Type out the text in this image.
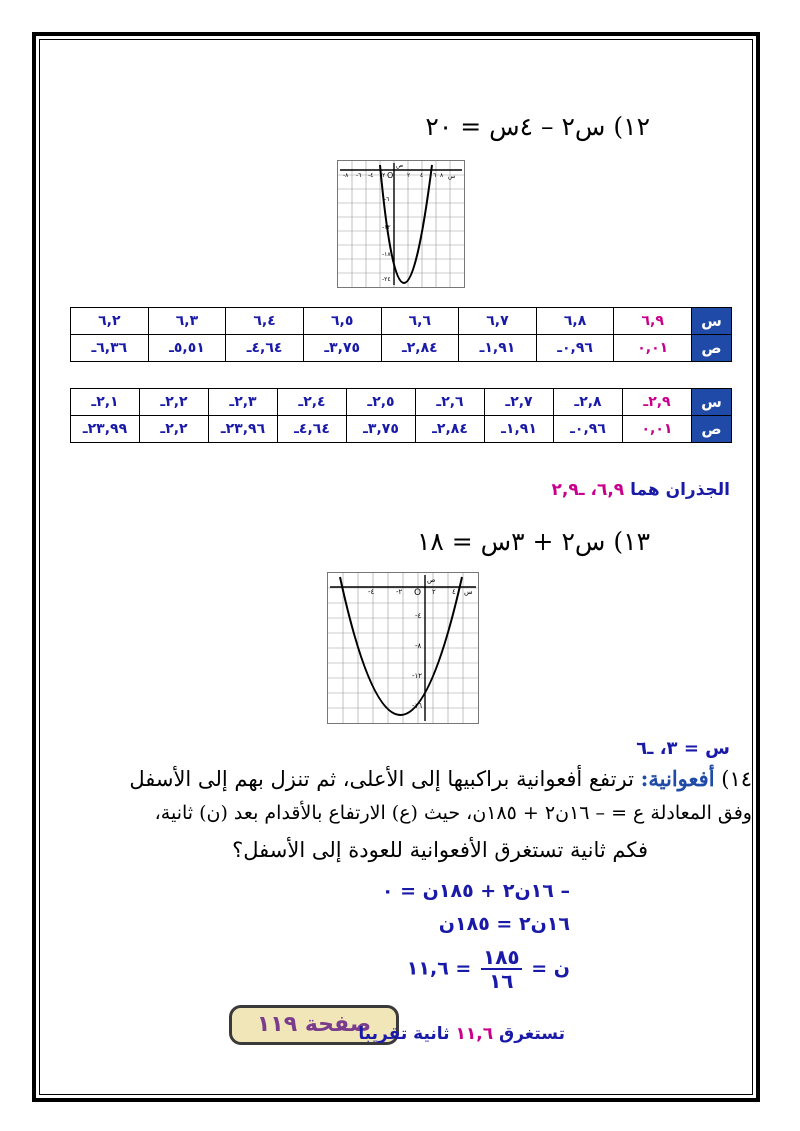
١٢) س٢ – ٤س = ٢٠
ص
س
O
-٢
-٤
-٦
-٨	٢ ٤ ٦ ٨
-٦
-١٢
-١٨
-٢٤
س	٦,٩	٦,٨	٦,٧	٦,٦	٦,٥	٦,٤	٦,٣	٦,٢
ص	٠,٠١	٠,٩٦ـ	١,٩١ـ	٢,٨٤ـ	٣,٧٥ـ	٤,٦٤ـ	٥,٥١ـ	٦,٣٦ـ
س	٢,٩ـ	٢,٨ـ	٢,٧ـ	٢,٦ـ	٢,٥ـ	٢,٤ـ	٢,٣ـ	٢,٢ـ	٢,١ـ
ص	٠,٠١	٠,٩٦ـ	١,٩١ـ	٢,٨٤ـ	٣,٧٥ـ	٤,٦٤ـ	٢٣,٩٦ـ	٢,٢ـ	٢٣,٩٩ـ
الجذران هما ٦,٩، ـ٢,٩
١٣) س٢ + ٣س = ١٨
ص
س
O
-٢
-٤	٢ ٤
-٤
-٨
-١٢
-١٦
س = ٣، ـ٦
١٤) أفعوانية: ترتفع أفعوانية براكبيها إلى الأعلى، ثم تنزل بهم إلى الأسفل
وفق المعادلة ع = – ١٦ن٢ + ١٨٥ن، حيث (ع) الارتفاع بالأقدام بعد (ن) ثانية،
فكم ثانية تستغرق الأفعوانية للعودة إلى الأسفل؟
– ١٦ن٢ + ١٨٥ن = ٠
١٦ن٢ = ١٨٥ن
ن =
$\frac{١٨٥}{١٦}$
= ١١,٦
صفحة ١١٩	تستغرق ١١,٦ ثانية تقريبا
